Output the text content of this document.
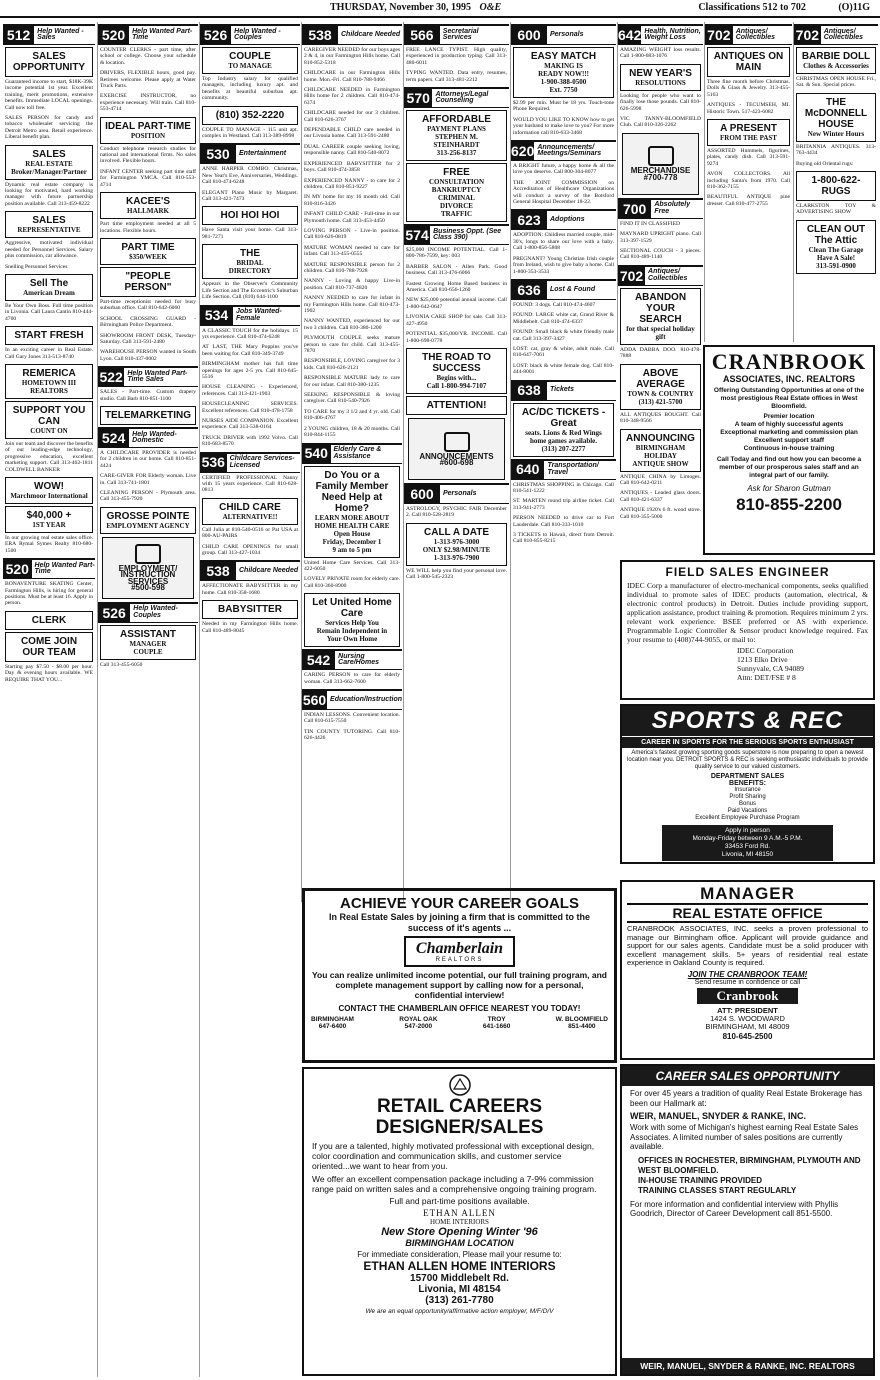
THURSDAY, November 30, 1995 O&E	Classifications 512 to 702	(O)11G
512 Help Wanted - Sales
SALES OPPORTUNITY
Guaranteed income to start, $18K-39K income potential 1st year. Excellent training, merit promotions, extensive benefits. Immediate LOCAL openings. Call now toll free.
SALES PERSON for candy and tobacco wholesaler servicing the Detroit Metro area. Retail experience. Liberal benefit plan.
SALES
REAL ESTATE
Broker/Manager/Partner
Dynamic real estate company is looking for motivated, hard working manager with future partnership position available. Call 313-459-8222
SALES
REPRESENTATIVE
Aggressive, motivated individual needed for Personnel Services. Salary plus commission, car allowance.
Snelling Personnel Services
Sell The
American Dream
Be Your Own Boss. Full time position in Livonia. Call Laura Cantin 810-444-4700
START FRESH
In an exciting career in Real Estate. Call Gary Jones 313-513-8740
REMERICA
HOMETOWN III REALTORS
SUPPORT YOU CAN
COUNT ON
Join our team and discover the benefits of our leading-edge technology, progressive education, excellent marketing support. Call 313-462-1811 COLDWELL BANKER
WOW!
Marchmoor International
$40,000 +
1ST YEAR
In our growing real estate sales office. ERA Rymal Symes Realty 810-680-1500
520 Help Wanted Part-Time
BONAVENTURE SKATING Center, Farmington Hills, is hiring for general positions. Must be at least 16. Apply in person.
CLERK
COME JOIN OUR TEAM
Starting pay $7.50 - $8.00 per hour. Day & evening hours available. WE REQUIRE THAT YOU...
520 Help Wanted Part-Time
COUNTER CLERKS - part time, after school or college. Choose your schedule & location.
DRIVERS, FLEXIBLE hours, good pay. Retirees welcome. Please apply at Water Truck Parts.
EXERCISE INSTRUCTOR, no experience necessary. Will train. Call 810-553-4714
IDEAL PART-TIME
POSITION
Conduct telephone research studies for national and international firms. No sales involved. Flexible hours.
INFANT CENTER seeking part time staff for Farmington YMCA. Call 810-553-4714
KACEE'S
HALLMARK
Part time employment needed at all 5 locations. Flexible hours.
PART TIME
$350/WEEK
"PEOPLE PERSON"
Part-time receptionist needed for busy suburban office. Call 810-642-6060
SCHOOL CROSSING GUARD - Birmingham Police Department.
SHOWROOM FRONT DESK, Tuesday-Saturday. Call 313-591-2480
WAREHOUSE PERSON wanted in South Lyon. Call 810-437-0002
522 Help Wanted Part-Time Sales
SALES - Part-time. Custom drapery studio. Call Barb 810-851-1100
TELEMARKETING
524 Help Wanted-Domestic
A CHILDCARE PROVIDER is needed for 2 children in our home. Call 810-851-4424
CARE-GIVER FOR Elderly woman. Live in. Call 313-741-1801
CLEANING PERSON - Plymouth area. Call 313-455-7920
GROSSE POINTE
EMPLOYMENT AGENCY
EMPLOYMENT/
INSTRUCTION
SERVICES
#500-598
526	Help Wanted-Couples
ASSISTANT
MANAGER
COUPLE
Call 313-455-6050
526 Help Wanted - Couples
COUPLE
TO MANAGE
Top Industry salary for qualified managers, including luxury apt. and benefits at beautiful suburban apt. community.
(810) 352-2220
COUPLE TO MANAGE - 115 unit apt. complex in Westland. Call 313-389-8998
530	Entertainment
ANNE HARPER COMBO. Christmas, New Year's Eve, Anniversaries, Weddings. Call 810-474-6248
ELEGANT Piano Music by Margaret. Call 313-421-7473
HOI HOI HOI
Have Santa visit your home. Call 313-981-7271
THE
BRIDAL
DIRECTORY
Appears in the Observer's Community Life Section and The Eccentric's Suburban Life Section. Call (810) 644-1100
534	Jobs Wanted-Female
A CLASSIC TOUCH for the holidays. 15 yrs experience. Call 810-474-6248
AT LAST, THE Mary Poppins you've been waiting for. Call 810-349-3749
BIRMINGHAM mother has full time openings for ages 2-5 yrs. Call 810-645-5516
HOUSE CLEANING - Experienced, references. Call 313-421-1903
HOUSECLEANING SERVICES. Excellent references. Call 810-478-1758
NURSES AIDE COMPANION. Excellent experience. Call 313-538-0164
TRUCK DRIVER with 1992 Volvo. Call 810-683-8570
536 Childcare Services-Licensed
CERTIFIED PROFESSIONAL Nanny with 15 years experience. Call 810-628-0813
CHILD CARE
ALTERNATIVE!!
Call Julia at 810-540-0516 or Pat USA at 800-AU-PAIRS
CHILD CARE OPENINGS for small group. Call 313-427-1034
538	Childcare Needed
AFFECTIONATE BABYSITTER in my home. Call 810-358-1680
BABYSITTER
Needed in my Farmington Hills home. Call 810-489-8045
538	Childcare Needed
CAREGIVER NEEDED for our boys ages 2 & 4, in our Farmington Hills home. Call 810-852-5318
CHILDCARE in our Farmington Hills home. Mon.-Fri. Call 810-788-9466
CHILDCARE NEEDED in Farmington Hills home for 2 children. Call 810-474-6374
CHILDCARE needed for our 3 children. Call 810-626-3767
DEPENDABLE CHILD care needed in our Livonia home. Call 313-591-2480
DUAL CAREER couple seeking loving, responsible nanny. Call 810-540-8072
EXPERIENCED BABYSITTER for 2 boys. Call 810-474-3858
EXPERIENCED NANNY - to care for 2 children. Call 810-851-9227
IN MY home for my 16 month old. Call 810-816-3426
INFANT CHILD CARE - Full-time in our Plymouth home. Call 313-453-4450
LOVING PERSON - Live-in position. Call 810-626-0819
MATURE WOMAN needed to care for infant. Call 313-455-0555
MATURE RESPONSIBLE person for 2 children. Call 810-788-7928
NANNY - Loving & happy Live-in position. Call 810-737-4820
NANNY NEEDED to care for infant in my Farmington Hills home. Call 810-473-1902
NANNY WANTED, experienced for our two 3 children. Call 810-380-1200
PLYMOUTH COUPLE seeks mature person to care for child. Call 313-455-7870
RESPONSIBLE, LOVING caregiver for 3 kids. Call 810-626-2121
RESPONSIBLE MATURE lady to care for our infant. Call 810-380-1235
SEEKING RESPONSIBLE & loving caregiver. Call 810-540-7926
TO CARE for my 3 1/2 and 4 yr. old. Call 810-406-4767
2 YOUNG children, 18 & 20 months. Call 810-844-1155
540 Elderly Care & Assistance
Do You or a Family Member Need Help at Home?
LEARN MORE ABOUT HOME HEALTH CARE
Open House
Friday, December 1
9 am to 5 pm
United Home Care Services. Call 313-422-6050
LOVELY PRIVATE room for elderly care. Call 810-360-8900
Let United Home Care
Services Help You
Remain Independent in
Your Own Home
542	Nursing Care/Homes
CARING PERSON to care for elderly woman. Call 313-662-7600
560 Education/Instruction
INDIAN LESSONS. Convenient location. Call 810-615-7550
TIN COUNTY TUTORING. Call 810-626-4426
566	Secretarial Services
FREE LANCE TYPIST. High quality, experienced in production typing. Call 313-480-6011
TYPING WANTED. Data entry, resumes, term papers. Call 313-481-2212
570 Attorneys/Legal Counseling
AFFORDABLE
PAYMENT PLANS
STEPHEN M.
STEINHARDT
313-256-8137
FREE
CONSULTATION
BANKRUPTCY
CRIMINAL
DIVORCE
TRAFFIC
574 Business Oppt. (See Class 390)
$25,000 INCOME POTENTIAL. Call 1-800-786-7599, key: 003
BARBER SALON - Allen Park. Good business. Call 313-476-6066
Fastest Growing Home Based business in America. Call 810-656-1260
NEW $25,000 potential annual income. Call 1-800-642-0647
LIVONIA CAKE SHOP for sale. Call 313-427-4950
POTENTIAL $35,000/YR. INCOME. Call 1-800-698-0778
THE ROAD TO SUCCESS
Begins with...
Call 1-800-994-7107
ATTENTION!
ANNOUNCEMENTS
#600-698
600	Personals
ASTROLOGY, PSYCHIC FAIR December 2. Call 810-528-2819
CALL A DATE
1-313-976-3000
ONLY $2.98/MINUTE
1-313-976-7900
WE WILL help you find your personal love. Call 1-800-545-2323
600	Personals
EASY MATCH
MAKING IS
READY NOW!!!
1-900-388-0500
Ext. 7750
$2.99 per min. Must be 18 yrs. Touch-tone Phone Required.
WOULD YOU LIKE TO KNOW how to get your husband to make love to you? For more information call 810-633-3468
620 Announcements/ Meetings/Seminars
A BRIGHT future, a happy home & all the love you deserve. Call 800-304-8077
THE JOINT COMMISSION on Accreditation of Healthcare Organizations will conduct a survey of the Botsford General Hospital December 18-22.
623	Adoptions
ADOPTION: Childless married couple, mid-30's, longs to share our love with a baby. Call 1-800-856-5808
PREGNANT? Young Christian Irish couple from Ireland, wish to give baby a home. Call 1-800-353-3533
636	Lost & Found
FOUND: 3 dogs. Call 810-474-4607
FOUND: LARGE white cat, Grand River & Middlebelt. Call 810-474-6337
FOUND: Small black & white friendly male cat. Call 313-397-3427
LOST: cat, gray & white, adult male. Call 810-647-7061
LOST: black & white female dog. Call 810-444-8001
638	Tickets
AC/DC TICKETS - Great
seats. Lions & Red Wings
home games available.
(313) 207-2277
640	Transportation/ Travel
CHRISTMAS SHOPPING in Chicago. Call 810-541-1222
ST. MARTEN round trip airline ticket. Call 313-941-2773
PERSON NEEDED to drive car to Fort Lauderdale. Call 810-333-1010
3 TICKETS to Hawaii, direct from Detroit. Call 810-855-8215
642 Health, Nutrition, Weight Loss
AMAZING WEIGHT loss results. Call 1-800-683-1076
NEW YEAR'S
RESOLUTIONS
Looking for people who want to finally lose those pounds. Call 810-626-5998
VIC TANNY-BLOOMFIELD Club. Call 810-326-2262
MERCHANDISE
#700-778
700	Absolutely Free
FIND IT IN CLASSIFIED
MAYNARD UPRIGHT piano. Call 313-397-1529
SECTIONAL COUCH - 3 pieces. Call 810-489-1140
702 Antiques/ Collectibles
ABANDON YOUR SEARCH
for that special holiday gift
ADDA DABBA DOO. 810-478-7888
ABOVE AVERAGE
TOWN & COUNTRY
(313) 421-5700
ALL ANTIQUES BOUGHT. Call 810-348-9566
ANNOUNCING
BIRMINGHAM HOLIDAY
ANTIQUE SHOW
ANTIQUE CHINA by Limoges. Call 810-642-0211
ANTIQUES - Leaded glass doors. Call 810-421-6337
ANTIQUE 1920's 6 ft. wood stove. Call 810-355-5000
702 Antiques/ Collectibles
ANTIQUES ON MAIN
Three fine month before Christmas. Dolls & Glass & Jewelry. 313-455-5163
ANTIQUES - TECUMSEH, MI. Historic Town. 517-423-6082
A PRESENT
FROM THE PAST
ASSORTED Hummels, figurines, plates, candy dish. Call 313-591-9274
AVON COLLECTORS. All including Santa's from 1970. Call 810-362-7155
BEAUTIFUL ANTIQUE pine dresser. Call 810-477-2755
702 Antiques/ Collectibles
BARBIE DOLL
Clothes & Accessories
CHRISTMAS OPEN HOUSE Fri., Sat. & Sun. Special prices.
THE McDONNELL HOUSE
New Winter Hours
BRITANNIA ANTIQUES. 313-763-4434
Buying old Oriental rugs:
1-800-622-RUGS
CLARKSTON TOY & ADVERTISING SHOW
CLEAN OUT The Attic
Clean The Garage
Have A Sale!
313-591-0900
CRANBROOK
ASSOCIATES, INC. REALTORS
Offering Outstanding Opportunities at one of the most prestigious Real Estate offices in West Bloomfield.
Premier location
A team of highly successful agents
Exceptional marketing and commission plan
Excellent support staff
Continuous in-house training
Call Today and find out how you can become a member of our prosperous sales staff and an integral part of our family.
Ask for Sharon Gutman
810-855-2200
FIELD SALES ENGINEER
IDEC Corp a manufacturer of electro-mechanical components, seeks qualified individual to promote sales of IDEC products (automation, electrical, & electronic control products) in Detroit. Duties include providing support, application assistance, product training & promotion. Requires minimum 2 yrs. relevant work experience. BSEE preferred or AS with experience. Programmable Logic Controller & Sensor product knowledge required. Fax your resume to (408)744-9055, or mail to:
IDEC Corporation
1213 Elko Drive
Sunnyvale, CA 94089
Attn: DET/FSE # 8
SPORTS & REC
CAREER IN SPORTS FOR THE SERIOUS SPORTS ENTHUSIAST
America's fastest growing sporting goods superstore is now preparing to open a newest location near you. DETROIT SPORTS & REC is seeking enthusiastic individuals to provide quality service to our valued customers.
DEPARTMENT SALES
BENEFITS:
Insurance
Profit Sharing
Bonus
Paid Vacations
Excellent Employee Purchase Program
Apply in person
Monday-Friday between 9 A.M.-5 P.M.
33453 Ford Rd.
Livonia, MI 48150
MANAGER
REAL ESTATE OFFICE
CRANBROOK ASSOCIATES, INC. seeks a proven professional to manage our Birmingham office. Applicant will provide guidance and support for our sales agents. Candidate must be a solid producer with excellent management skills. 5+ years of residential real estate experience in Oakland County is required.
JOIN THE CRANBROOK TEAM!
Send resume in confidence or call
Cranbrook
ATT: PRESIDENT
1424 S. WOODWARD
BIRMINGHAM, MI 48009
810-645-2500
CAREER SALES OPPORTUNITY
For over 45 years a tradition of quality Real Estate Brokerage has been our Hallmark at:
WEIR, MANUEL, SNYDER & RANKE, INC.
Work with some of Michigan's highest earning Real Estate Sales Associates. A limited number of sales positions are currently available.
OFFICES IN ROCHESTER, BIRMINGHAM, PLYMOUTH AND WEST BLOOMFIELD.
IN-HOUSE TRAINING PROVIDED
TRAINING CLASSES START REGULARLY
For more information and confidential interview with Phyllis Goodrich, Director of Career Development call 851-5500.
WEIR, MANUEL, SNYDER & RANKE, INC. REALTORS
ACHIEVE YOUR CAREER GOALS
In Real Estate Sales by joining a firm that is committed to the success of it's agents ...
Chamberlain
REALTORS
You can realize unlimited income potential, our full training program, and complete management support by calling now for a personal, confidential interview!
CONTACT THE CHAMBERLAIN OFFICE NEAREST YOU TODAY!
BIRMINGHAM
647-6400
ROYAL OAK
547-2000
TROY
641-1660
W. BLOOMFIELD
851-4400
RETAIL CAREERS
DESIGNER/SALES
If you are a talented, highly motivated professional with exceptional design, color coordination and communication skills, and customer service oriented...we want to hear from you.
We offer an excellent compensation package including a 7-9% commission range paid on written sales and a comprehensive ongoing training program.
Full and part-time positions available.
ETHAN ALLEN
HOME INTERIORS
New Store Opening Winter '96
BIRMINGHAM LOCATION
For immediate consideration, Please mail your resume to:
ETHAN ALLEN HOME INTERIORS
15700 Middlebelt Rd.
Livonia, MI 48154
(313) 261-7780
We are an equal opportunity/affirmative action employer, M/F/D/V
